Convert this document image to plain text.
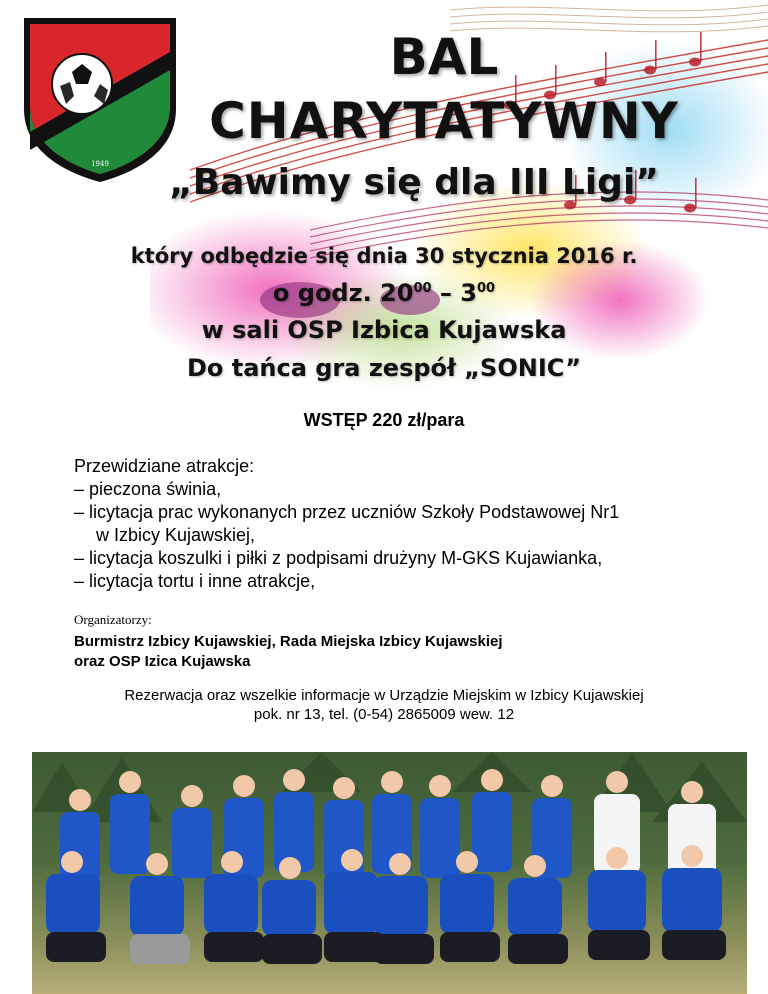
1949
BAL
CHARYTATYWNY
„Bawimy się dla III Ligi”
który odbędzie się dnia 30 stycznia 2016 r.
o godz. $20^{00} - 3^{00}$
w sali OSP Izbica Kujawska
Do tańca gra zespół „SONIC”
WSTĘP 220 zł/para
Przewidziane atrakcje:
– pieczona świnia,
– licytacja prac wykonanych przez uczniów Szkoły Podstawowej Nr1
w Izbicy Kujawskiej,
– licytacja koszulki i piłki z podpisami drużyny M-GKS Kujawianka,
– licytacja tortu i inne atrakcje,
Organizatorzy:
Burmistrz Izbicy Kujawskiej, Rada Miejska Izbicy Kujawskiej
oraz OSP Izica Kujawska
Rezerwacja oraz wszelkie informacje w Urządzie Miejskim w Izbicy Kujawskiej
pok. nr 13, tel. (0-54) 2865009 wew. 12
